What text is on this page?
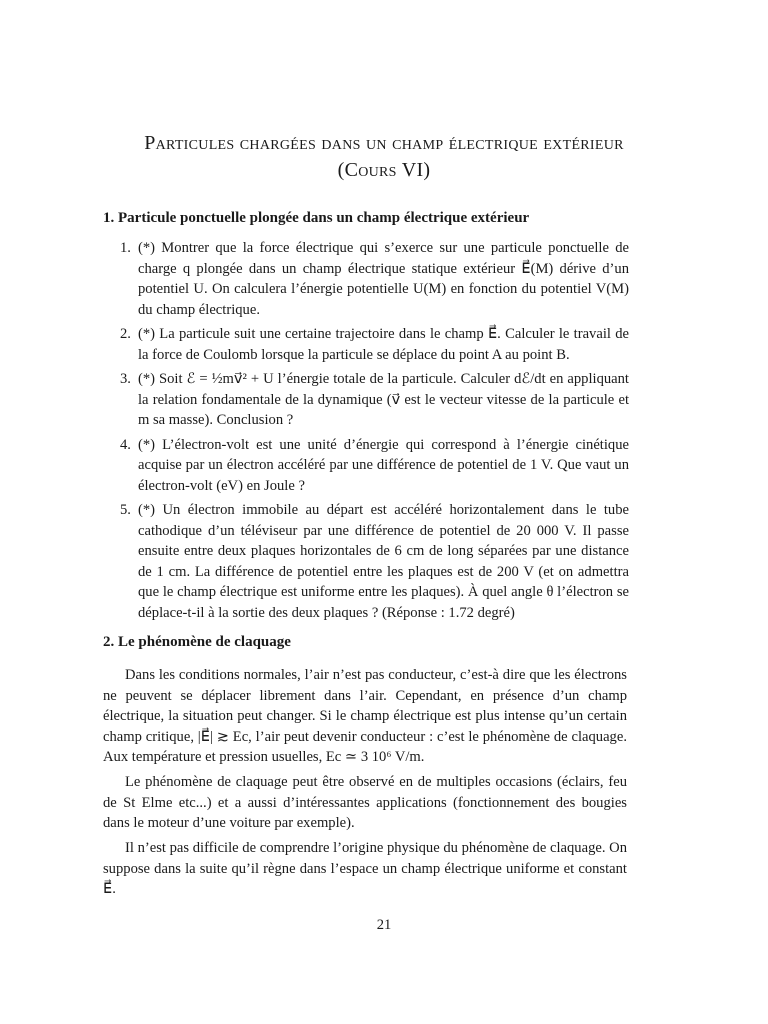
Particules chargées dans un champ électrique extérieur
(Cours VI)
1. Particule ponctuelle plongée dans un champ électrique extérieur
1. (*) Montrer que la force électrique qui s’exerce sur une particule ponctuelle de charge q plongée dans un champ électrique statique extérieur E⃗(M) dérive d’un potentiel U. On calculera l’énergie potentielle U(M) en fonction du potentiel V(M) du champ électrique.
2. (*) La particule suit une certaine trajectoire dans le champ E⃗. Calculer le travail de la force de Coulomb lorsque la particule se déplace du point A au point B.
3. (*) Soit ℰ = ½mv⃗² + U l’énergie totale de la particule. Calculer dℰ/dt en appliquant la relation fondamentale de la dynamique (v⃗ est le vecteur vitesse de la particule et m sa masse). Conclusion ?
4. (*) L’électron-volt est une unité d’énergie qui correspond à l’énergie cinétique acquise par un électron accéléré par une différence de potentiel de 1 V. Que vaut un électron-volt (eV) en Joule ?
5. (*) Un électron immobile au départ est accéléré horizontalement dans le tube cathodique d’un téléviseur par une différence de potentiel de 20 000 V. Il passe ensuite entre deux plaques horizontales de 6 cm de long séparées par une distance de 1 cm. La différence de potentiel entre les plaques est de 200 V (et on admettra que le champ électrique est uniforme entre les plaques). À quel angle θ l’électron se déplace-t-il à la sortie des deux plaques ? (Réponse : 1.72 degré)
2. Le phénomène de claquage

Dans les conditions normales, l’air n’est pas conducteur, c’est-à dire que les électrons ne peuvent se déplacer librement dans l’air. Cependant, en présence d’un champ électrique, la situation peut changer. Si le champ électrique est plus intense qu’un certain champ critique, |E⃗| ≳ Ec, l’air peut devenir conducteur : c’est le phénomène de claquage. Aux température et pression usuelles, Ec ≃ 3 10⁶ V/m.

Le phénomène de claquage peut être observé en de multiples occasions (éclairs, feu de St Elme etc...) et a aussi d’intéressantes applications (fonctionnement des bougies dans le moteur d’une voiture par exemple).

Il n’est pas difficile de comprendre l’origine physique du phénomène de claquage. On suppose dans la suite qu’il règne dans l’espace un champ électrique uniforme et constant E⃗.

21
